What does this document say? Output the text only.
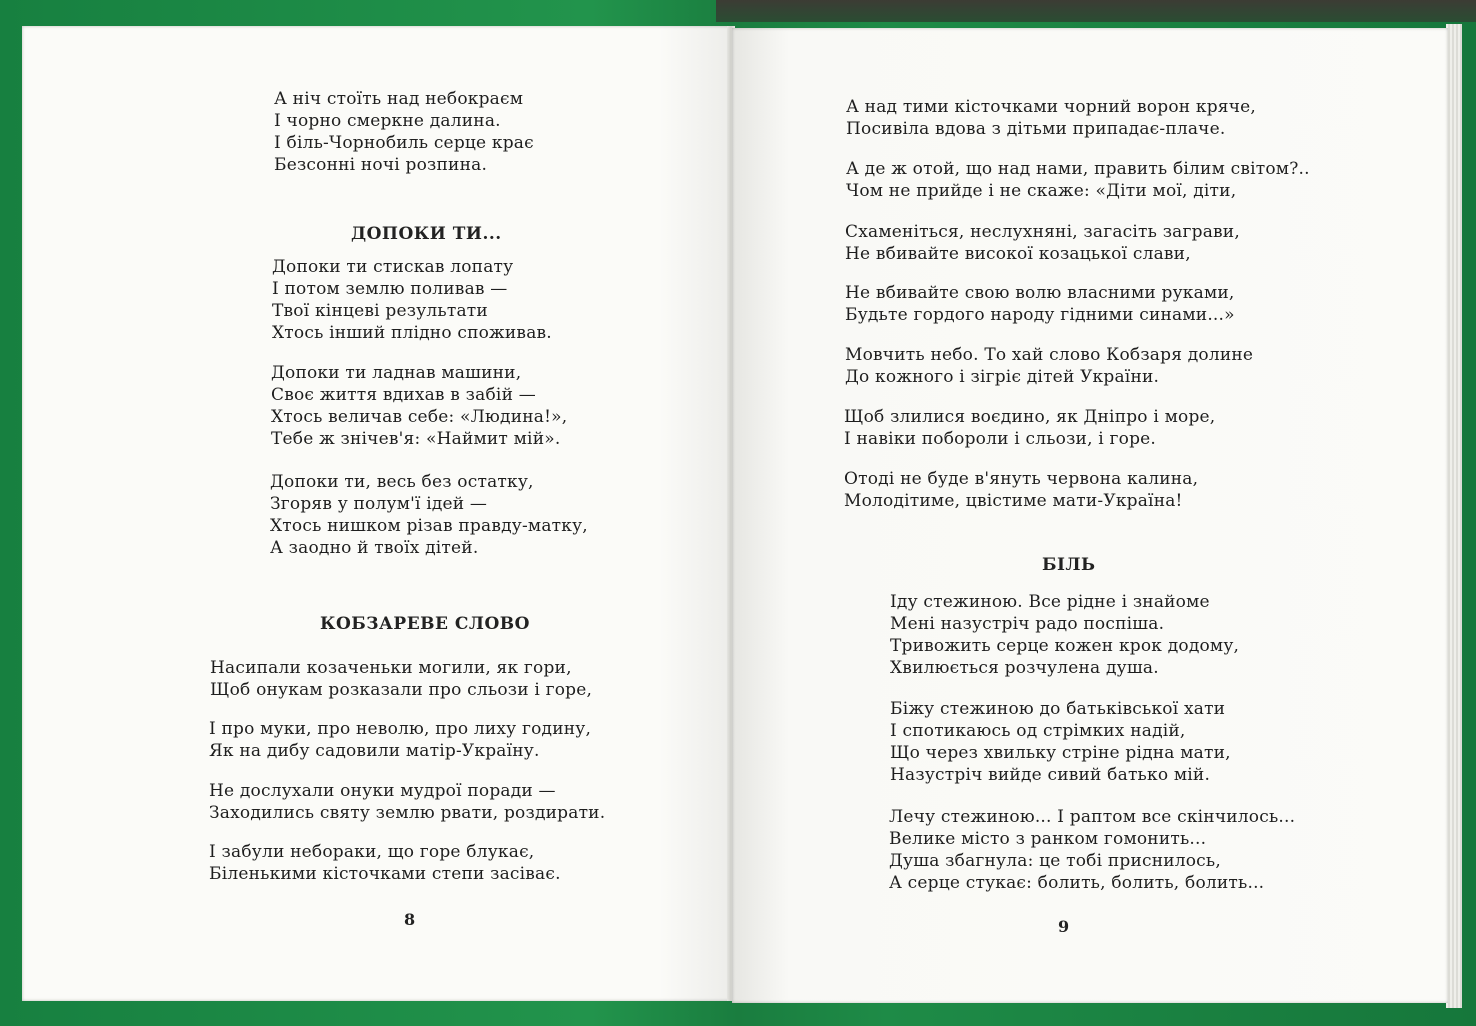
А ніч стоїть над небокраєм
І чорно смеркне далина.
І біль-Чорнобиль серце крає
Безсонні ночі розпина.
ДОПОКИ ТИ...
Допоки ти стискав лопату
І потом землю поливав —
Твої кінцеві результати
Хтось інший плідно споживав.
Допоки ти ладнав машини,
Своє життя вдихав в забій —
Хтось величав себе: «Людина!»,
Тебе ж знічев'я: «Наймит мій».
Допоки ти, весь без остатку,
Згоряв у полум'ї ідей —
Хтось нишком різав правду-матку,
А заодно й твоїх дітей.
КОБЗАРЕВЕ СЛОВО
Насипали козаченьки могили, як гори,
Щоб онукам розказали про сльози і горе,
І про муки, про неволю, про лиху годину,
Як на дибу садовили матір-Україну.
Не дослухали онуки мудрої поради —
Заходились святу землю рвати, роздирати.
І забули небораки, що горе блукає,
Біленькими кісточками степи засіває.
8
А над тими кісточками чорний ворон кряче,
Посивіла вдова з дітьми припадає-плаче.
А де ж отой, що над нами, править білим світом?..
Чом не прийде і не скаже: «Діти мої, діти,
Схаменіться, неслухняні, загасіть заграви,
Не вбивайте високої козацької слави,
Не вбивайте свою волю власними руками,
Будьте гордого народу гідними синами...»
Мовчить небо. То хай слово Кобзаря долине
До кожного і зігріє дітей України.
Щоб злилися воєдино, як Дніпро і море,
І навіки побороли і сльози, і горе.
Отоді не буде в'януть червона калина,
Молодітиме, цвістиме мати-Україна!
БІЛЬ
Іду стежиною. Все рідне і знайоме
Мені назустріч радо поспіша.
Тривожить серце кожен крок додому,
Хвилюється розчулена душа.
Біжу стежиною до батьківської хати
І спотикаюсь од стрімких надій,
Що через хвильку стріне рідна мати,
Назустріч вийде сивий батько мій.
Лечу стежиною... І раптом все скінчилось...
Велике місто з ранком гомонить...
Душа збагнула: це тобі приснилось,
А серце стукає: болить, болить, болить...
9
